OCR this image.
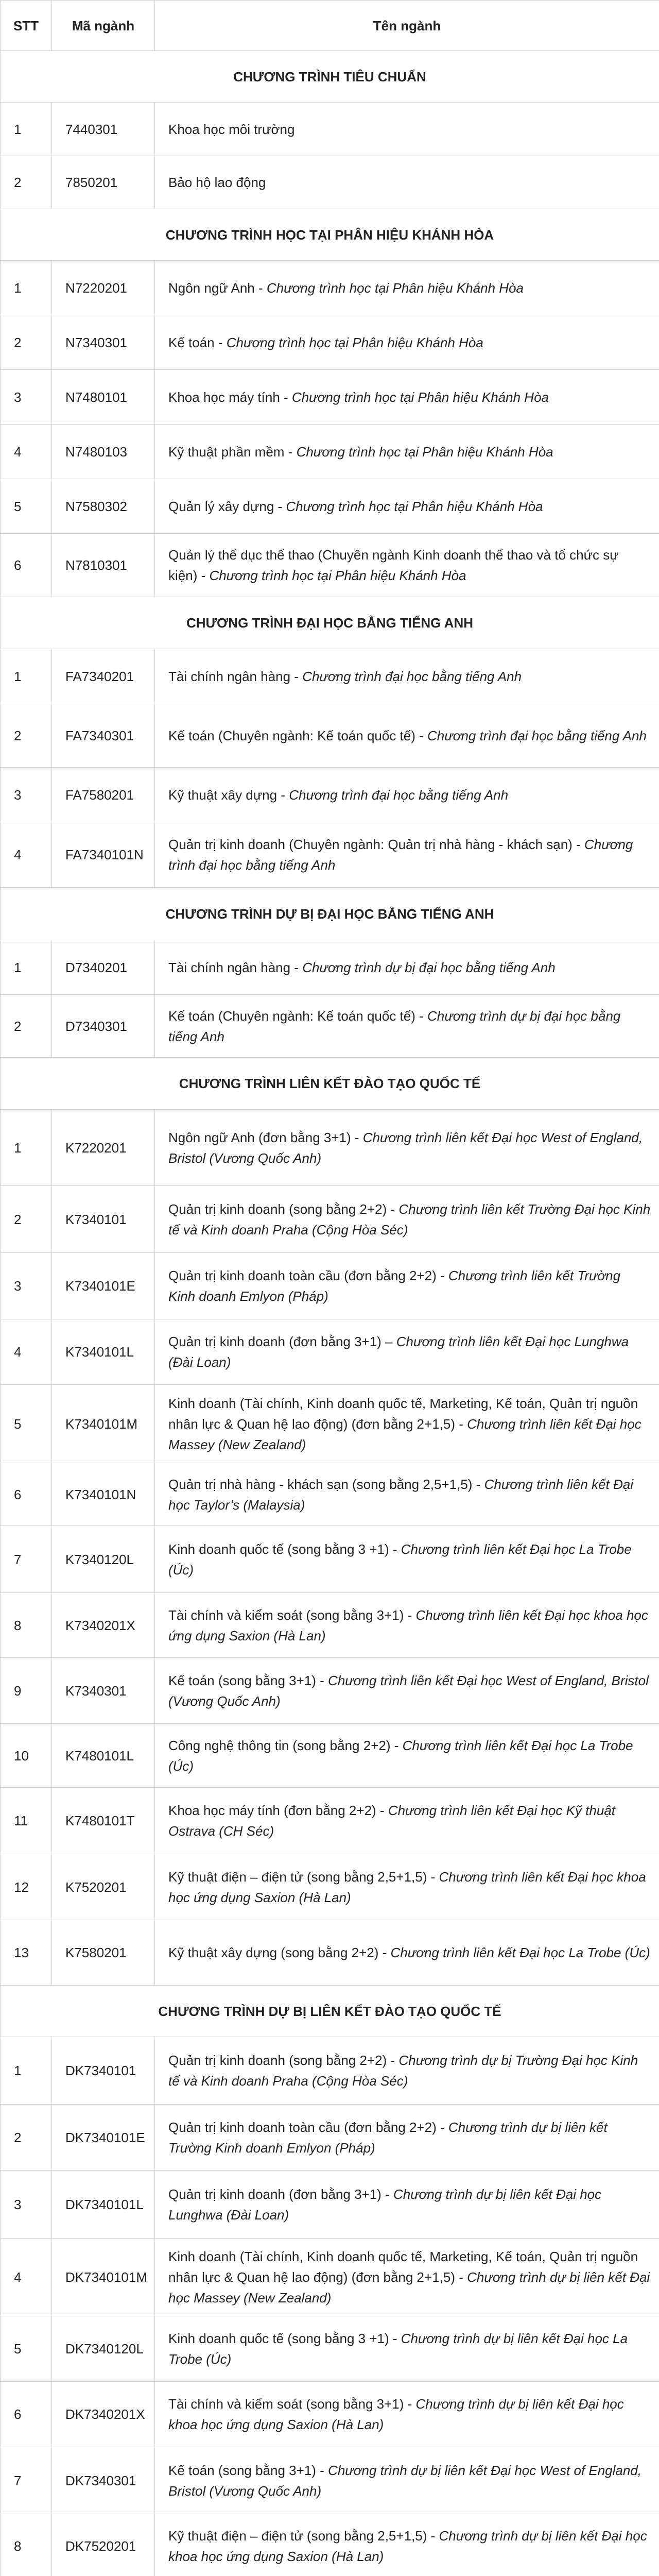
STT	Mã ngành	Tên ngành
CHƯƠNG TRÌNH TIÊU CHUẨN		
1	7440301	Khoa học môi trường
2	7850201	Bảo hộ lao động
CHƯƠNG TRÌNH HỌC TẠI PHÂN HIỆU KHÁNH HÒA		
1	N7220201	Ngôn ngữ Anh - Chương trình học tại Phân hiệu Khánh Hòa
2	N7340301	Kế toán - Chương trình học tại Phân hiệu Khánh Hòa
3	N7480101	Khoa học máy tính - Chương trình học tại Phân hiệu Khánh Hòa
4	N7480103	Kỹ thuật phần mềm - Chương trình học tại Phân hiệu Khánh Hòa
5	N7580302	Quản lý xây dựng - Chương trình học tại Phân hiệu Khánh Hòa
6	N7810301	Quản lý thể dục thể thao (Chuyên ngành Kinh doanh thể thao và tổ chức sự kiện) - Chương trình học tại Phân hiệu Khánh Hòa
CHƯƠNG TRÌNH ĐẠI HỌC BẰNG TIẾNG ANH		
1	FA7340201	Tài chính ngân hàng - Chương trình đại học bằng tiếng Anh
2	FA7340301	Kế toán (Chuyên ngành: Kế toán quốc tế) - Chương trình đại học bằng tiếng Anh
3	FA7580201	Kỹ thuật xây dựng - Chương trình đại học bằng tiếng Anh
4	FA7340101N	Quản trị kinh doanh (Chuyên ngành: Quản trị nhà hàng - khách sạn) - Chương trình đại học bằng tiếng Anh
CHƯƠNG TRÌNH DỰ BỊ ĐẠI HỌC BẰNG TIẾNG ANH		
1	D7340201	Tài chính ngân hàng - Chương trình dự bị đại học bằng tiếng Anh
2	D7340301	Kế toán (Chuyên ngành: Kế toán quốc tế) - Chương trình dự bị đại học bằng tiếng Anh
CHƯƠNG TRÌNH LIÊN KẾT ĐÀO TẠO QUỐC TẾ		
1	K7220201	Ngôn ngữ Anh (đơn bằng 3+1) - Chương trình liên kết Đại học West of England, Bristol (Vương Quốc Anh)
2	K7340101	Quản trị kinh doanh (song bằng 2+2) - Chương trình liên kết Trường Đại học Kinh tế và Kinh doanh Praha (Cộng Hòa Séc)
3	K7340101E	Quản trị kinh doanh toàn cầu (đơn bằng 2+2) - Chương trình liên kết Trường Kinh doanh Emlyon (Pháp)
4	K7340101L	Quản trị kinh doanh (đơn bằng 3+1) – Chương trình liên kết Đại học Lunghwa (Đài Loan)
5	K7340101M	Kinh doanh (Tài chính, Kinh doanh quốc tế, Marketing, Kế toán, Quản trị nguồn nhân lực & Quan hệ lao động) (đơn bằng 2+1,5) - Chương trình liên kết Đại học Massey (New Zealand)
6	K7340101N	Quản trị nhà hàng - khách sạn (song bằng 2,5+1,5) - Chương trình liên kết Đại học Taylor’s (Malaysia)
7	K7340120L	Kinh doanh quốc tế (song bằng 3 +1) - Chương trình liên kết Đại học La Trobe (Úc)
8	K7340201X	Tài chính và kiểm soát (song bằng 3+1) - Chương trình liên kết Đại học khoa học ứng dụng Saxion (Hà Lan)
9	K7340301	Kế toán (song bằng 3+1) - Chương trình liên kết Đại học West of England, Bristol (Vương Quốc Anh)
10	K7480101L	Công nghệ thông tin (song bằng 2+2) - Chương trình liên kết Đại học La Trobe (Úc)
11	K7480101T	Khoa học máy tính (đơn bằng 2+2) - Chương trình liên kết Đại học Kỹ thuật Ostrava (CH Séc)
12	K7520201	Kỹ thuật điện – điện tử (song bằng 2,5+1,5) - Chương trình liên kết Đại học khoa học ứng dụng Saxion (Hà Lan)
13	K7580201	Kỹ thuật xây dựng (song bằng 2+2) - Chương trình liên kết Đại học La Trobe (Úc)
CHƯƠNG TRÌNH DỰ BỊ LIÊN KẾT ĐÀO TẠO QUỐC TẾ		
1	DK7340101	Quản trị kinh doanh (song bằng 2+2) - Chương trình dự bị Trường Đại học Kinh tế và Kinh doanh Praha (Cộng Hòa Séc)
2	DK7340101E	Quản trị kinh doanh toàn cầu (đơn bằng 2+2) - Chương trình dự bị liên kết Trường Kinh doanh Emlyon (Pháp)
3	DK7340101L	Quản trị kinh doanh (đơn bằng 3+1) - Chương trình dự bị liên kết Đại học Lunghwa (Đài Loan)
4	DK7340101M	Kinh doanh (Tài chính, Kinh doanh quốc tế, Marketing, Kế toán, Quản trị nguồn nhân lực & Quan hệ lao động) (đơn bằng 2+1,5) - Chương trình dự bị liên kết Đại học Massey (New Zealand)
5	DK7340120L	Kinh doanh quốc tế (song bằng 3 +1) - Chương trình dự bị liên kết Đại học La Trobe (Úc)
6	DK7340201X	Tài chính và kiểm soát (song bằng 3+1) - Chương trình dự bị liên kết Đại học khoa học ứng dụng Saxion (Hà Lan)
7	DK7340301	Kế toán (song bằng 3+1) - Chương trình dự bị liên kết Đại học West of England, Bristol (Vương Quốc Anh)
8	DK7520201	Kỹ thuật điện – điện tử (song bằng 2,5+1,5) - Chương trình dự bị liên kết Đại học khoa học ứng dụng Saxion (Hà Lan)
